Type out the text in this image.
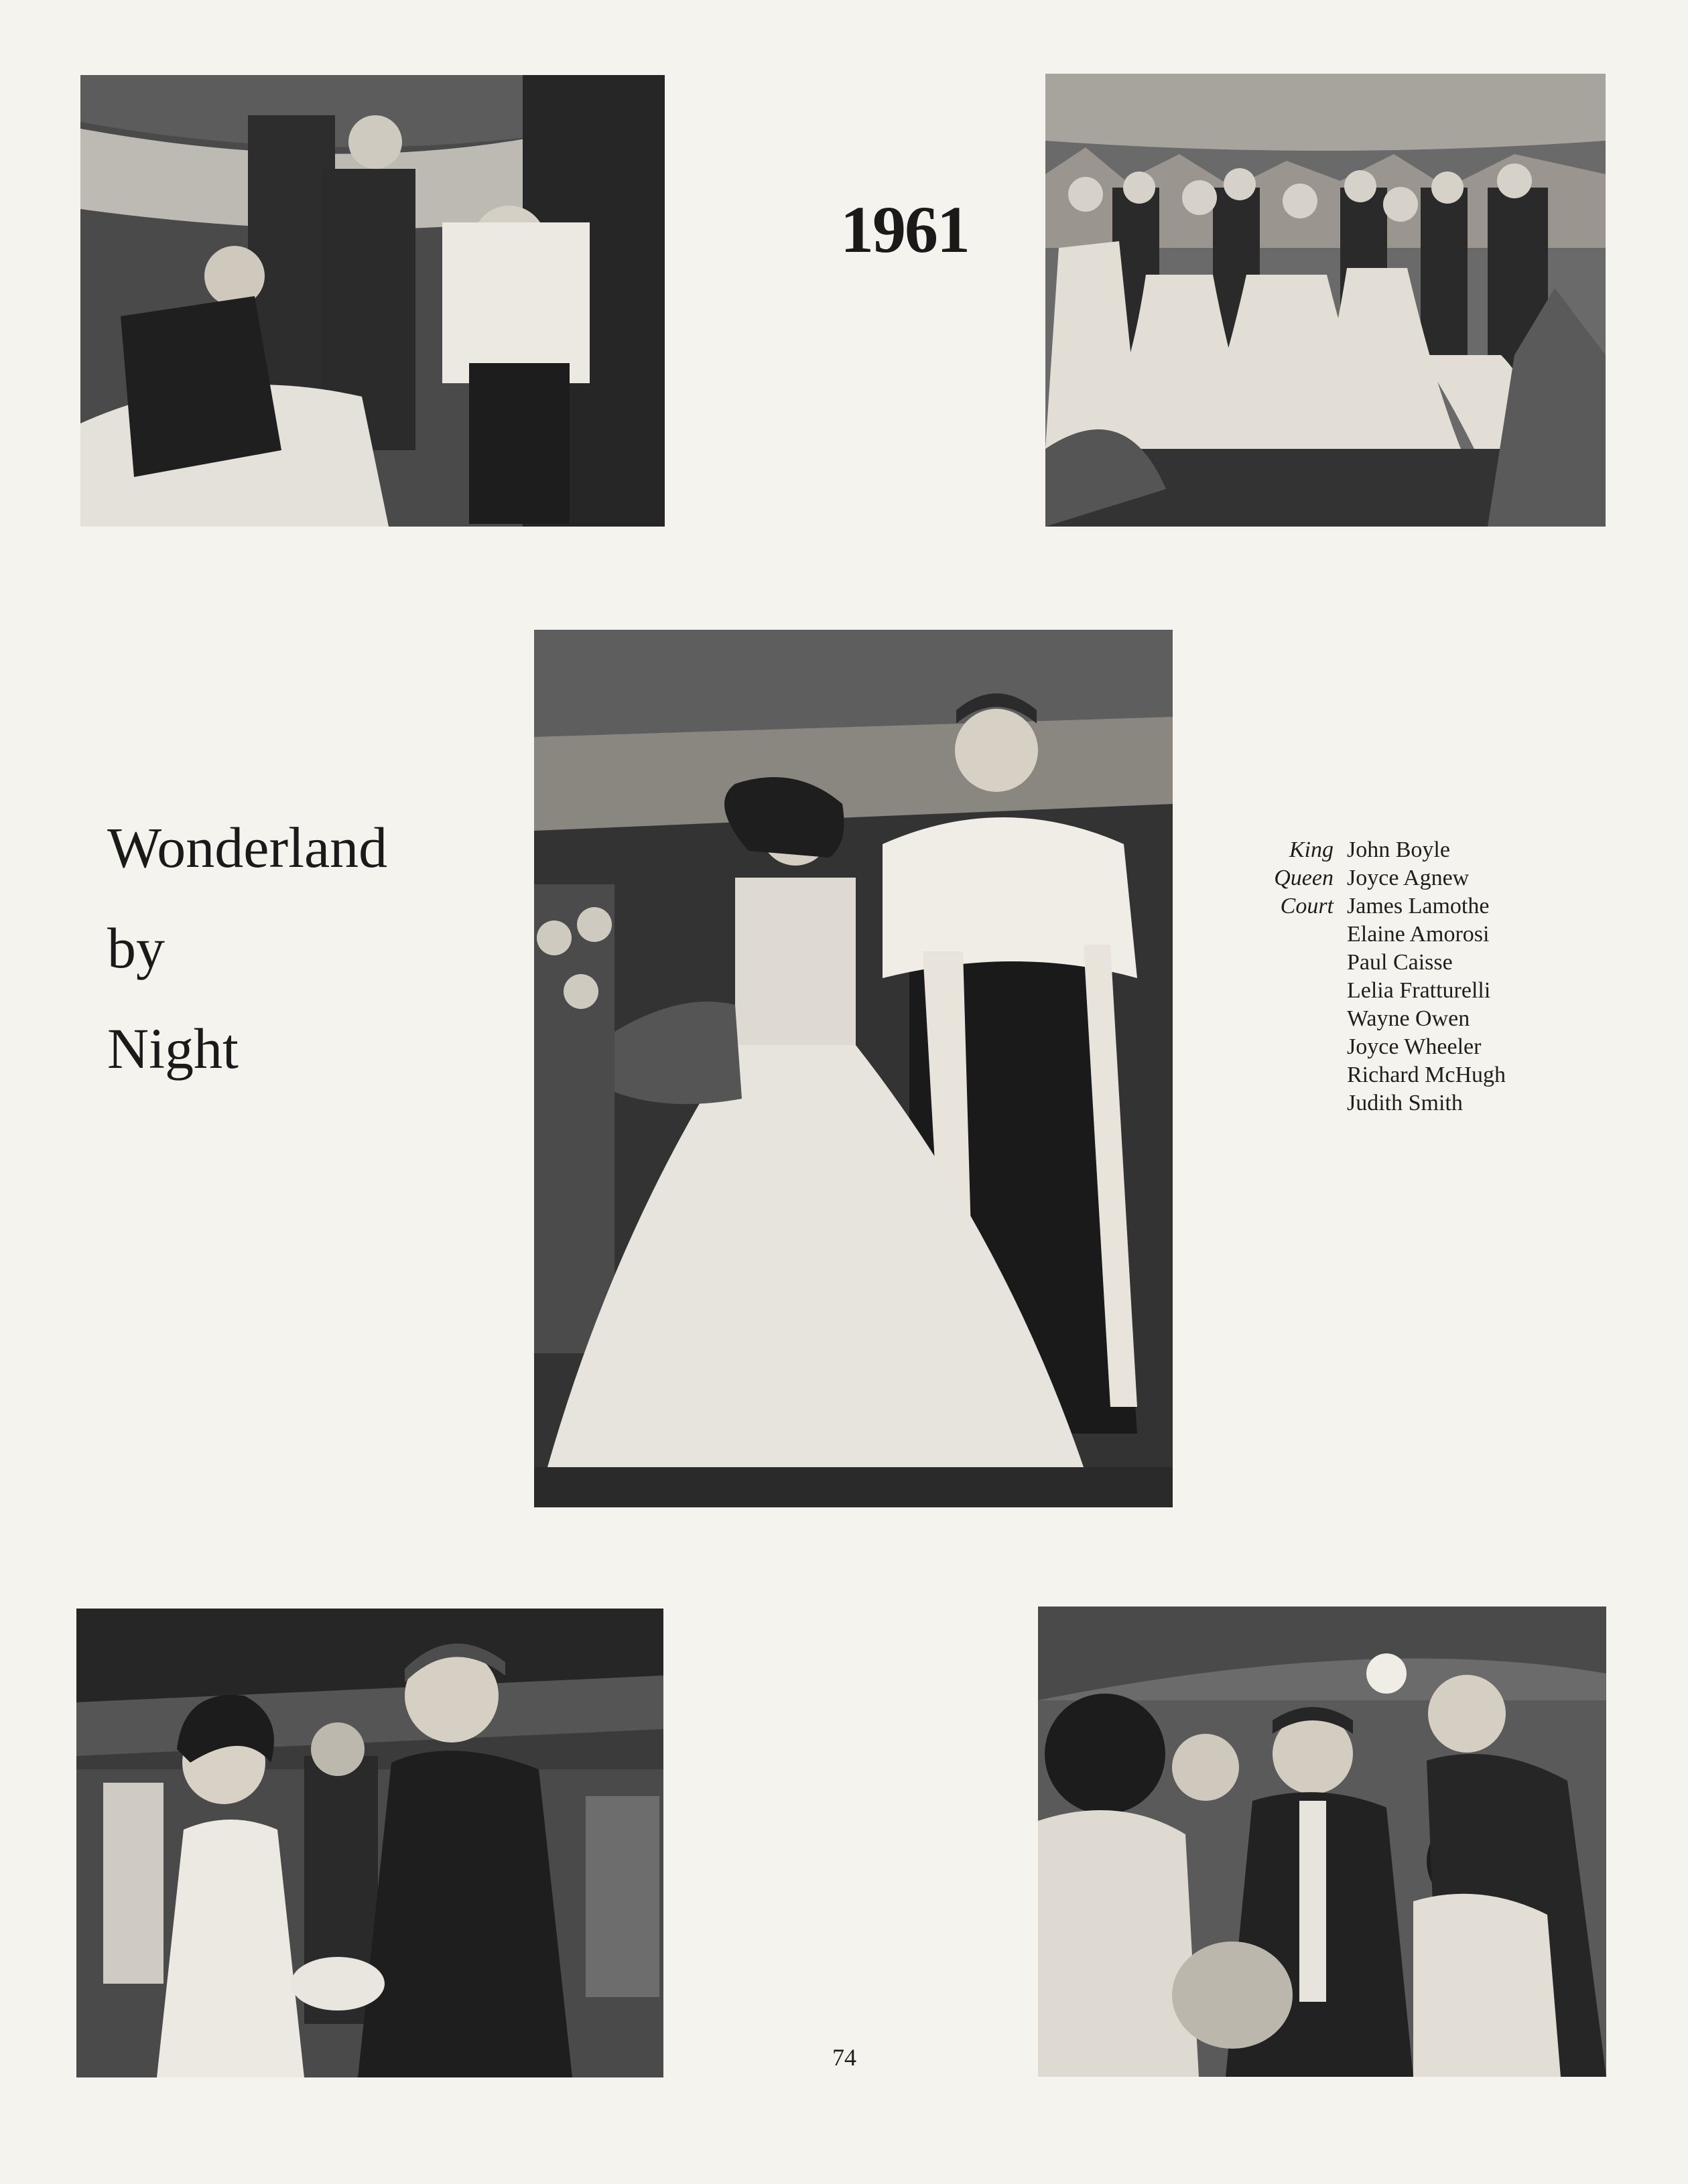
1961
Wonderland
by
Night
King John Boyle
Queen Joyce Agnew
Court James Lamothe
Elaine Amorosi
Paul Caisse
Lelia Fratturelli
Wayne Owen
Joyce Wheeler
Richard McHugh
Judith Smith
74
